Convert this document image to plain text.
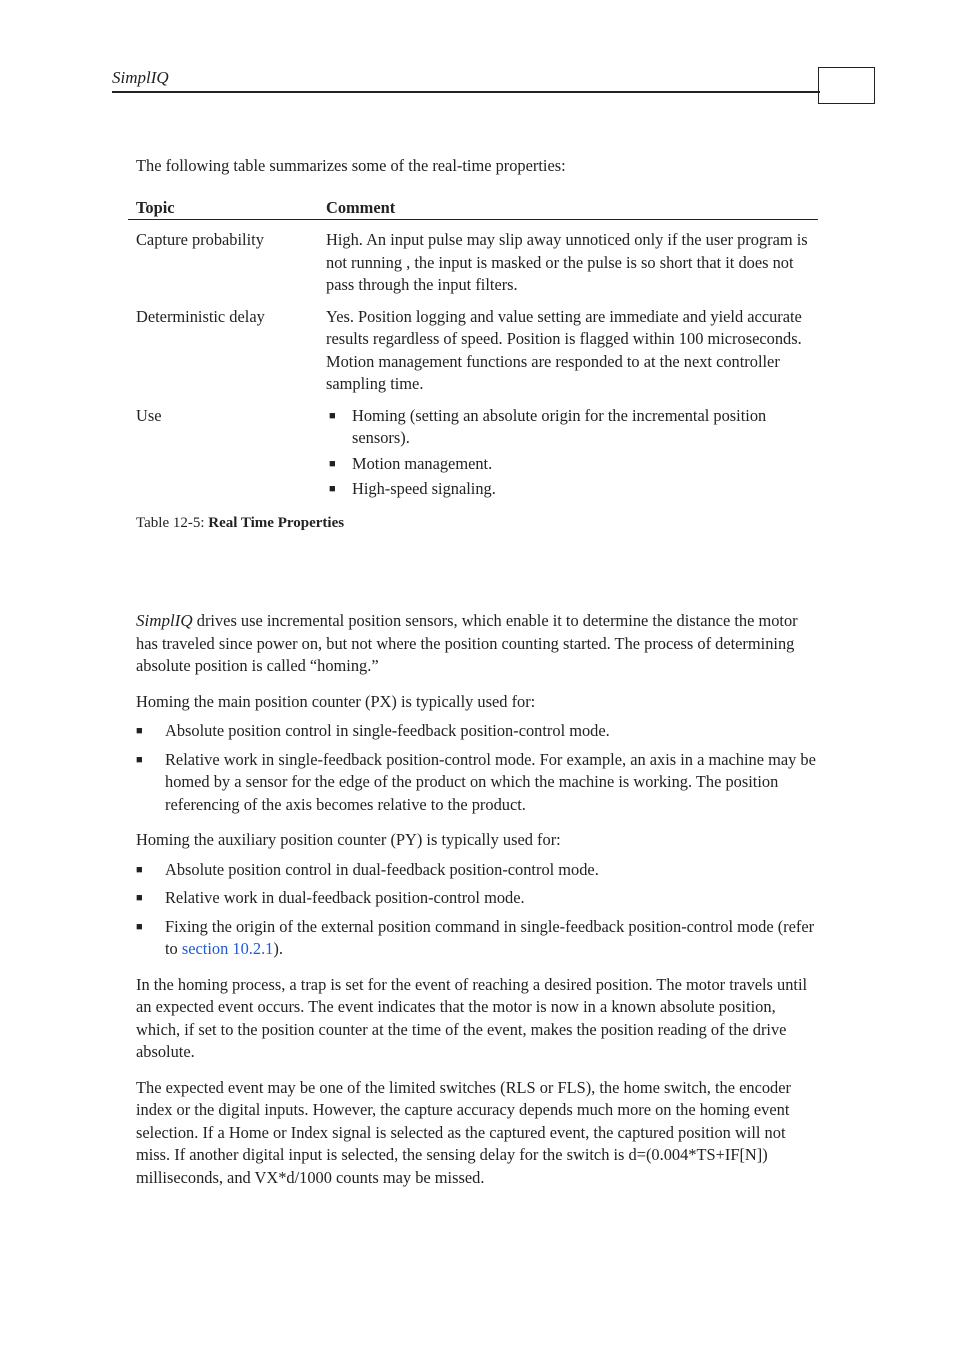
SimplIQ

The following table summarizes some of the real-time properties:

Topic	Comment
Capture probability	High. An input pulse may slip away unnoticed only if the user program is not running , the input is masked or the pulse is so short that it does not pass through the input filters.

Deterministic delay	Yes. Position logging and value setting are immediate and yield accurate results regardless of speed. Position is flagged within 100 microseconds. Motion management functions are responded to at the next controller sampling time.

Use	■ Homing (setting an absolute origin for the incremental position sensors).
■ Motion management.
■ High-speed signaling.
Table 12-5: Real Time Properties

SimplIQ drives use incremental position sensors, which enable it to determine the distance the motor has traveled since power on, but not where the position counting started. The process of determining absolute position is called “homing.”

Homing the main position counter (PX) is typically used for:

■ Absolute position control in single-feedback position-control mode.
■ Relative work in single-feedback position-control mode. For example, an axis in a machine may be homed by a sensor for the edge of the product on which the machine is working. The position referencing of the axis becomes relative to the product.

Homing the auxiliary position counter (PY) is typically used for:

■ Absolute position control in dual-feedback position-control mode.
■ Relative work in dual-feedback position-control mode.
■ Fixing the origin of the external position command in single-feedback position-control mode (refer to section 10.2.1).

In the homing process, a trap is set for the event of reaching a desired position. The motor travels until an expected event occurs. The event indicates that the motor is now in a known absolute position, which, if set to the position counter at the time of the event, makes the position reading of the drive absolute.

The expected event may be one of the limited switches (RLS or FLS), the home switch, the encoder index or the digital inputs. However, the capture accuracy depends much more on the homing event selection. If a Home or Index signal is selected as the captured event, the captured position will not miss. If another digital input is selected, the sensing delay for the switch is d=(0.004*TS+IF[N]) milliseconds, and VX*d/1000 counts may be missed.
